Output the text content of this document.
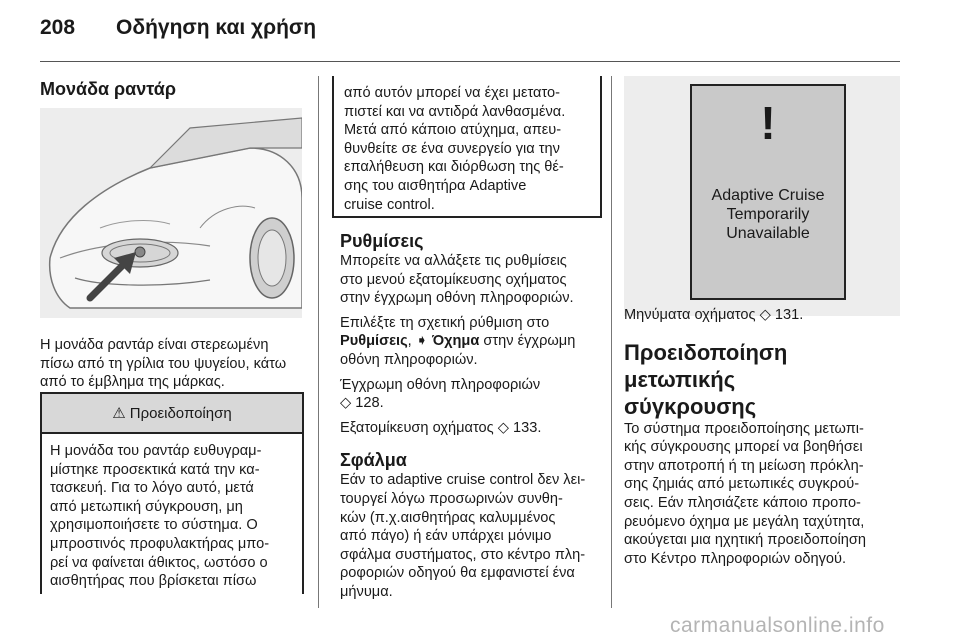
208 Οδήγηση και χρήση
Μονάδα ραντάρ

Η μονάδα ραντάρ είναι στερεωμένη

πίσω από τη γρίλια του ψυγείου, κάτω

από το έμβλημα της μάρκας.

⚠ Προειδοποίηση

Η μονάδα του ραντάρ ευθυγραμ-

μίστηκε προσεκτικά κατά την κα-

τασκευή. Για το λόγο αυτό, μετά

από μετωπική σύγκρουση, μη

χρησιμοποιήσετε το σύστημα. Ο

μπροστινός προφυλακτήρας μπο-

ρεί να φαίνεται άθικτος, ωστόσο ο

αισθητήρας που βρίσκεται πίσω

από αυτόν μπορεί να έχει μετατο-

πιστεί και να αντιδρά λανθασμένα.

Μετά από κάποιο ατύχημα, απευ-

θυνθείτε σε ένα συνεργείο για την

επαλήθευση και διόρθωση της θέ-

σης του αισθητήρα Adaptive

cruise control.

Ρυθμίσεις

Μπορείτε να αλλάξετε τις ρυθμίσεις

στο μενού εξατομίκευσης οχήματος

στην έγχρωμη οθόνη πληροφοριών.

Επιλέξτε τη σχετική ρύθμιση στο

Ρυθμίσεις, ➧ Όχημα στην έγχρωμη

οθόνη πληροφοριών.

Έγχρωμη οθόνη πληροφοριών

◇ 128.

Εξατομίκευση οχήματος ◇ 133.

Σφάλμα

Εάν το adaptive cruise control δεν λει-

τουργεί λόγω προσωρινών συνθη-

κών (π.χ.αισθητήρας καλυμμένος

από πάγο) ή εάν υπάρχει μόνιμο

σφάλμα συστήματος, στο κέντρο πλη-

ροφοριών οδηγού θα εμφανιστεί ένα

μήνυμα.

!
Adaptive Cruise
Temporarily
Unavailable

Μηνύματα οχήματος ◇ 131.

Προειδοποίηση μετωπικής

σύγκρουσης

Το σύστημα προειδοποίησης μετωπι-

κής σύγκρουσης μπορεί να βοηθήσει

στην αποτροπή ή τη μείωση πρόκλη-

σης ζημιάς από μετωπικές συγκρού-

σεις. Εάν πλησιάζετε κάποιο προπο-

ρευόμενο όχημα με μεγάλη ταχύτητα,

ακούγεται μια ηχητική προειδοποίηση

στο Κέντρο πληροφοριών οδηγού.

carmanualsonline.info
